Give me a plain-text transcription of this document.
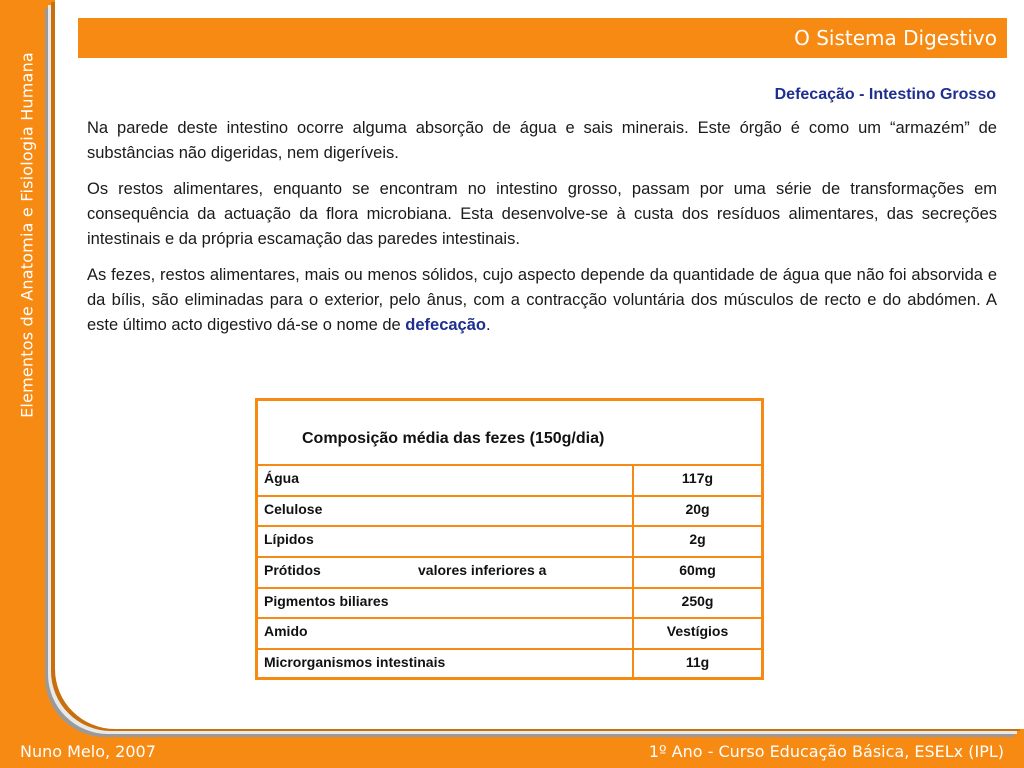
Elementos de Anatomia e Fisiologia Humana
O Sistema Digestivo
Defecação - Intestino Grosso

Na parede deste intestino ocorre alguma absorção de água e sais minerais. Este órgão é como um “armazém” de substâncias não digeridas, nem digeríveis.

Os restos alimentares, enquanto se encontram no intestino grosso, passam por uma série de transformações em consequência da actuação da flora microbiana. Esta desenvolve-se à custa dos resíduos alimentares, das secreções intestinais e da própria escamação das paredes intestinais.

As fezes, restos alimentares, mais ou menos sólidos, cujo aspecto depende da quantidade de água que não foi absorvida e da bílis, são eliminadas para o exterior, pelo ânus, com a contracção voluntária dos músculos de recto e do abdómen. A este último acto digestivo dá-se o nome de defecação.

Composição média das fezes (150g/dia)
Água	117g
Celulose	20g
Lípidos	2g
Prótidos	valores inferiores a	60mg
Pigmentos biliares	250g
Amido	Vestígios
Microrganismos intestinais	11g
Nuno Melo, 2007	1º Ano - Curso Educação Básica, ESELx (IPL)
